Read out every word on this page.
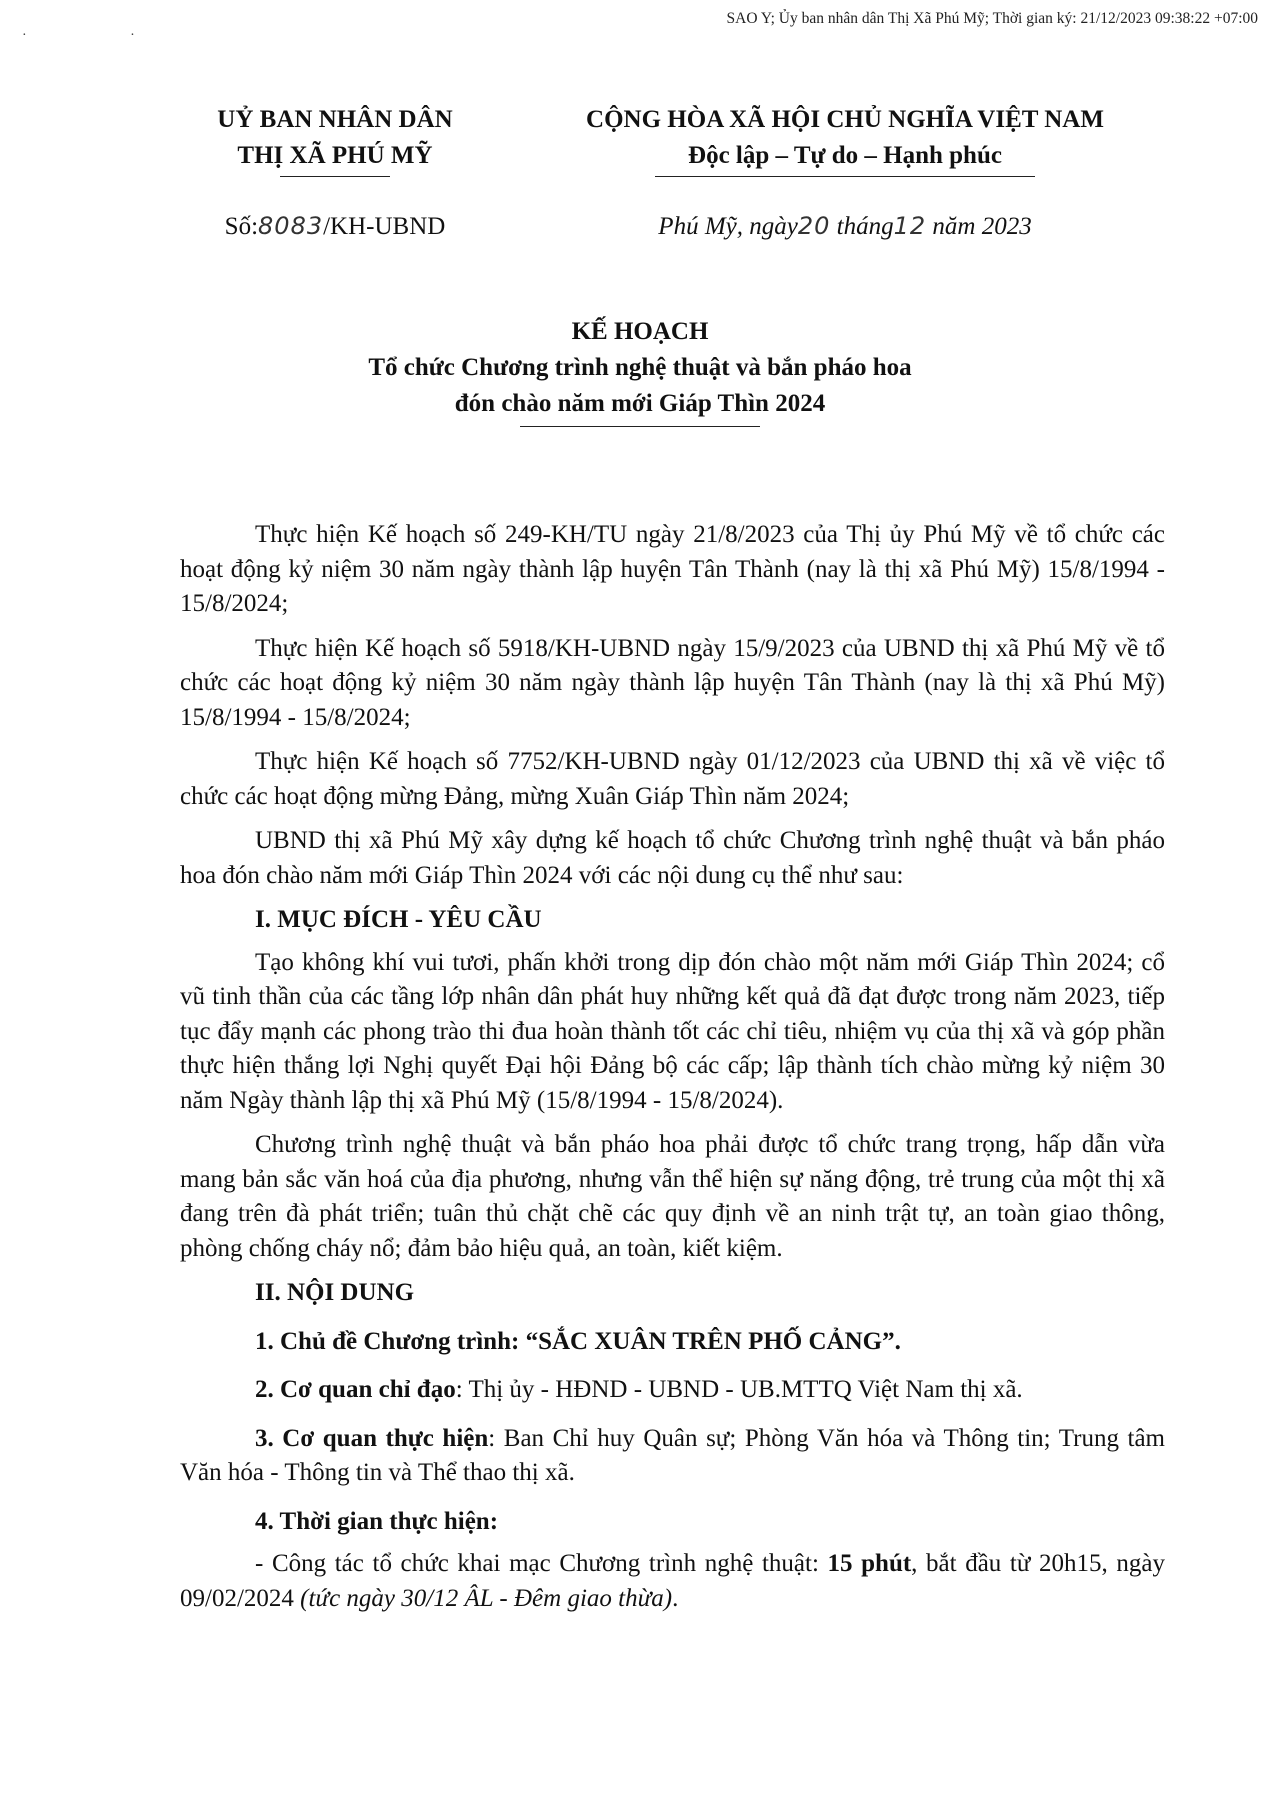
SAO Y; Ủy ban nhân dân Thị Xã Phú Mỹ; Thời gian ký: 21/12/2023 09:38:22 +07:00
· ·
UỶ BAN NHÂN DÂN
THỊ XÃ PHÚ MỸ
CỘNG HÒA XÃ HỘI CHỦ NGHĨA VIỆT NAM
Độc lập – Tự do – Hạnh phúc
Số:8083/KH-UBND	Phú Mỹ, ngày20 tháng12 năm 2023
KẾ HOẠCH
Tổ chức Chương trình nghệ thuật và bắn pháo hoa
đón chào năm mới Giáp Thìn 2024

Thực hiện Kế hoạch số 249-KH/TU ngày 21/8/2023 của Thị ủy Phú Mỹ về tổ chức các hoạt động kỷ niệm 30 năm ngày thành lập huyện Tân Thành (nay là thị xã Phú Mỹ) 15/8/1994 - 15/8/2024;

Thực hiện Kế hoạch số 5918/KH-UBND ngày 15/9/2023 của UBND thị xã Phú Mỹ về tổ chức các hoạt động kỷ niệm 30 năm ngày thành lập huyện Tân Thành (nay là thị xã Phú Mỹ) 15/8/1994 - 15/8/2024;

Thực hiện Kế hoạch số 7752/KH-UBND ngày 01/12/2023 của UBND thị xã về việc tổ chức các hoạt động mừng Đảng, mừng Xuân Giáp Thìn năm 2024;

UBND thị xã Phú Mỹ xây dựng kế hoạch tổ chức Chương trình nghệ thuật và bắn pháo hoa đón chào năm mới Giáp Thìn 2024 với các nội dung cụ thể như sau:

I. MỤC ĐÍCH - YÊU CẦU

Tạo không khí vui tươi, phấn khởi trong dịp đón chào một năm mới Giáp Thìn 2024; cổ vũ tinh thần của các tầng lớp nhân dân phát huy những kết quả đã đạt được trong năm 2023, tiếp tục đẩy mạnh các phong trào thi đua hoàn thành tốt các chỉ tiêu, nhiệm vụ của thị xã và góp phần thực hiện thắng lợi Nghị quyết Đại hội Đảng bộ các cấp; lập thành tích chào mừng kỷ niệm 30 năm Ngày thành lập thị xã Phú Mỹ (15/8/1994 - 15/8/2024).

Chương trình nghệ thuật và bắn pháo hoa phải được tổ chức trang trọng, hấp dẫn vừa mang bản sắc văn hoá của địa phương, nhưng vẫn thể hiện sự năng động, trẻ trung của một thị xã đang trên đà phát triển; tuân thủ chặt chẽ các quy định về an ninh trật tự, an toàn giao thông, phòng chống cháy nổ; đảm bảo hiệu quả, an toàn, kiết kiệm.

II. NỘI DUNG

1. Chủ đề Chương trình: “SẮC XUÂN TRÊN PHỐ CẢNG”.

2. Cơ quan chỉ đạo: Thị ủy - HĐND - UBND - UB.MTTQ Việt Nam thị xã.

3. Cơ quan thực hiện: Ban Chỉ huy Quân sự; Phòng Văn hóa và Thông tin; Trung tâm Văn hóa - Thông tin và Thể thao thị xã.

4. Thời gian thực hiện:

- Công tác tổ chức khai mạc Chương trình nghệ thuật: 15 phút, bắt đầu từ 20h15, ngày 09/02/2024 (tức ngày 30/12 ÂL - Đêm giao thừa).
